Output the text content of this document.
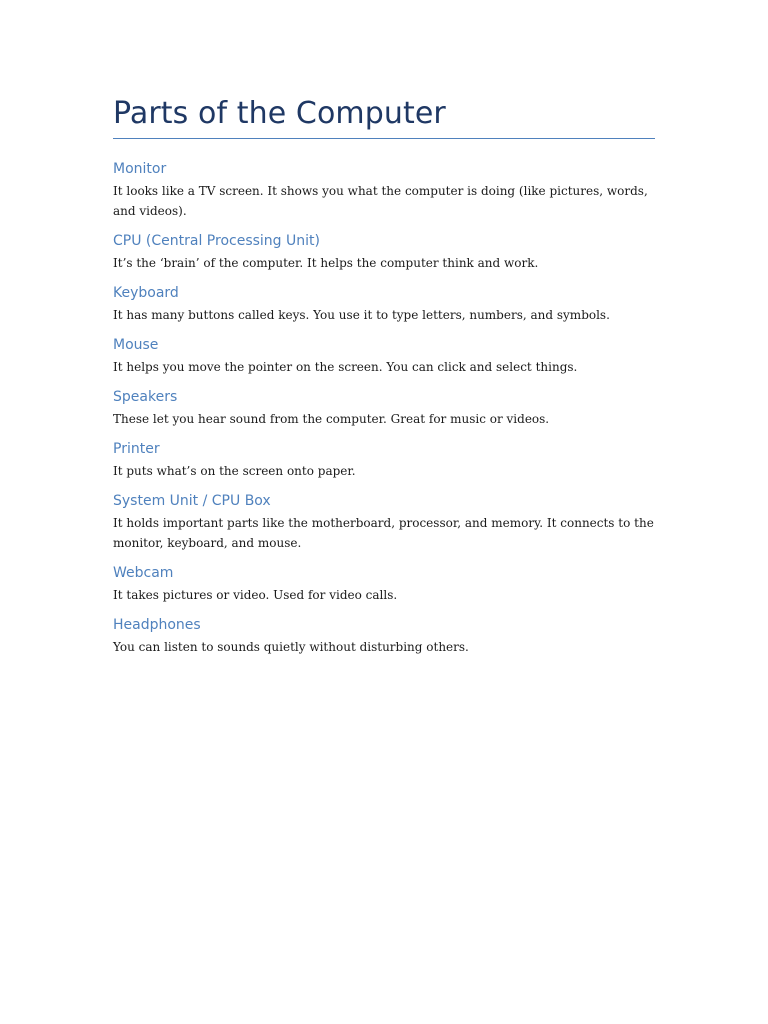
Parts of the Computer
Monitor

It looks like a TV screen. It shows you what the computer is doing (like pictures, words, and videos).

CPU (Central Processing Unit)

It’s the ‘brain’ of the computer. It helps the computer think and work.

Keyboard

It has many buttons called keys. You use it to type letters, numbers, and symbols.

Mouse

It helps you move the pointer on the screen. You can click and select things.

Speakers

These let you hear sound from the computer. Great for music or videos.

Printer

It puts what’s on the screen onto paper.

System Unit / CPU Box

It holds important parts like the motherboard, processor, and memory. It connects to the monitor, keyboard, and mouse.

Webcam

It takes pictures or video. Used for video calls.

Headphones

You can listen to sounds quietly without disturbing others.
